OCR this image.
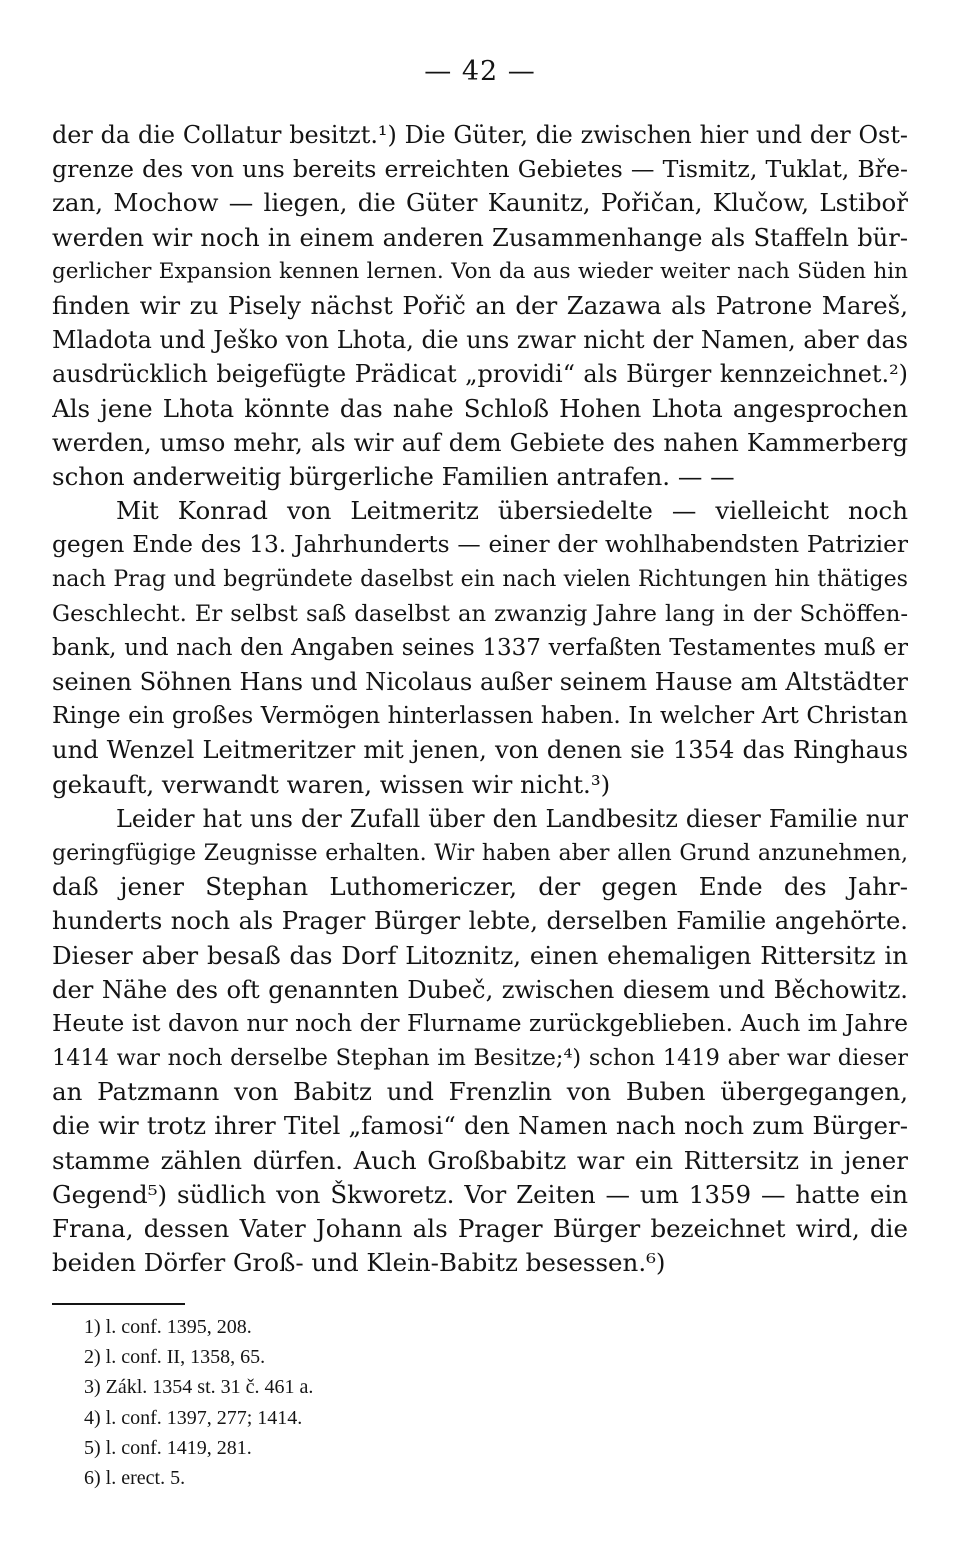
— 42 —
der da die Collatur besitzt.¹) Die Güter, die zwischen hier und der Ost-
grenze des von uns bereits erreichten Gebietes — Tismitz, Tuklat, Bře-
zan, Mochow — liegen, die Güter Kaunitz, Pořičan, Klučow, Lstiboř
werden wir noch in einem anderen Zusammenhange als Staffeln bür-
gerlicher Expansion kennen lernen. Von da aus wieder weiter nach Süden hin
finden wir zu Pisely nächst Pořič an der Zazawa als Patrone Mareš,
Mladota und Ješko von Lhota, die uns zwar nicht der Namen, aber das
ausdrücklich beigefügte Prädicat „providi“ als Bürger kennzeichnet.²)
Als jene Lhota könnte das nahe Schloß Hohen Lhota angesprochen
werden, umso mehr, als wir auf dem Gebiete des nahen Kammerberg
schon anderweitig bürgerliche Familien antrafen. — —
Mit Konrad von Leitmeritz übersiedelte — vielleicht noch
gegen Ende des 13. Jahrhunderts — einer der wohlhabendsten Patrizier
nach Prag und begründete daselbst ein nach vielen Richtungen hin thätiges
Geschlecht. Er selbst saß daselbst an zwanzig Jahre lang in der Schöffen-
bank, und nach den Angaben seines 1337 verfaßten Testamentes muß er
seinen Söhnen Hans und Nicolaus außer seinem Hause am Altstädter
Ringe ein großes Vermögen hinterlassen haben. In welcher Art Christan
und Wenzel Leitmeritzer mit jenen, von denen sie 1354 das Ringhaus
gekauft, verwandt waren, wissen wir nicht.³)
Leider hat uns der Zufall über den Landbesitz dieser Familie nur
geringfügige Zeugnisse erhalten. Wir haben aber allen Grund anzunehmen,
daß jener Stephan Luthomericzer, der gegen Ende des Jahr-
hunderts noch als Prager Bürger lebte, derselben Familie angehörte.
Dieser aber besaß das Dorf Litoznitz, einen ehemaligen Rittersitz in
der Nähe des oft genannten Dubeč, zwischen diesem und Běchowitz.
Heute ist davon nur noch der Flurname zurückgeblieben. Auch im Jahre
1414 war noch derselbe Stephan im Besitze;⁴) schon 1419 aber war dieser
an Patzmann von Babitz und Frenzlin von Buben übergegangen,
die wir trotz ihrer Titel „famosi“ den Namen nach noch zum Bürger-
stamme zählen dürfen. Auch Großbabitz war ein Rittersitz in jener
Gegend⁵) südlich von Škworetz. Vor Zeiten — um 1359 — hatte ein
Frana, dessen Vater Johann als Prager Bürger bezeichnet wird, die
beiden Dörfer Groß- und Klein-Babitz besessen.⁶)
1) l. conf. 1395, 208.
2) l. conf. II, 1358, 65.
3) Zákl. 1354 st. 31 č. 461 a.
4) l. conf. 1397, 277; 1414.
5) l. conf. 1419, 281.
6) l. erect. 5.
